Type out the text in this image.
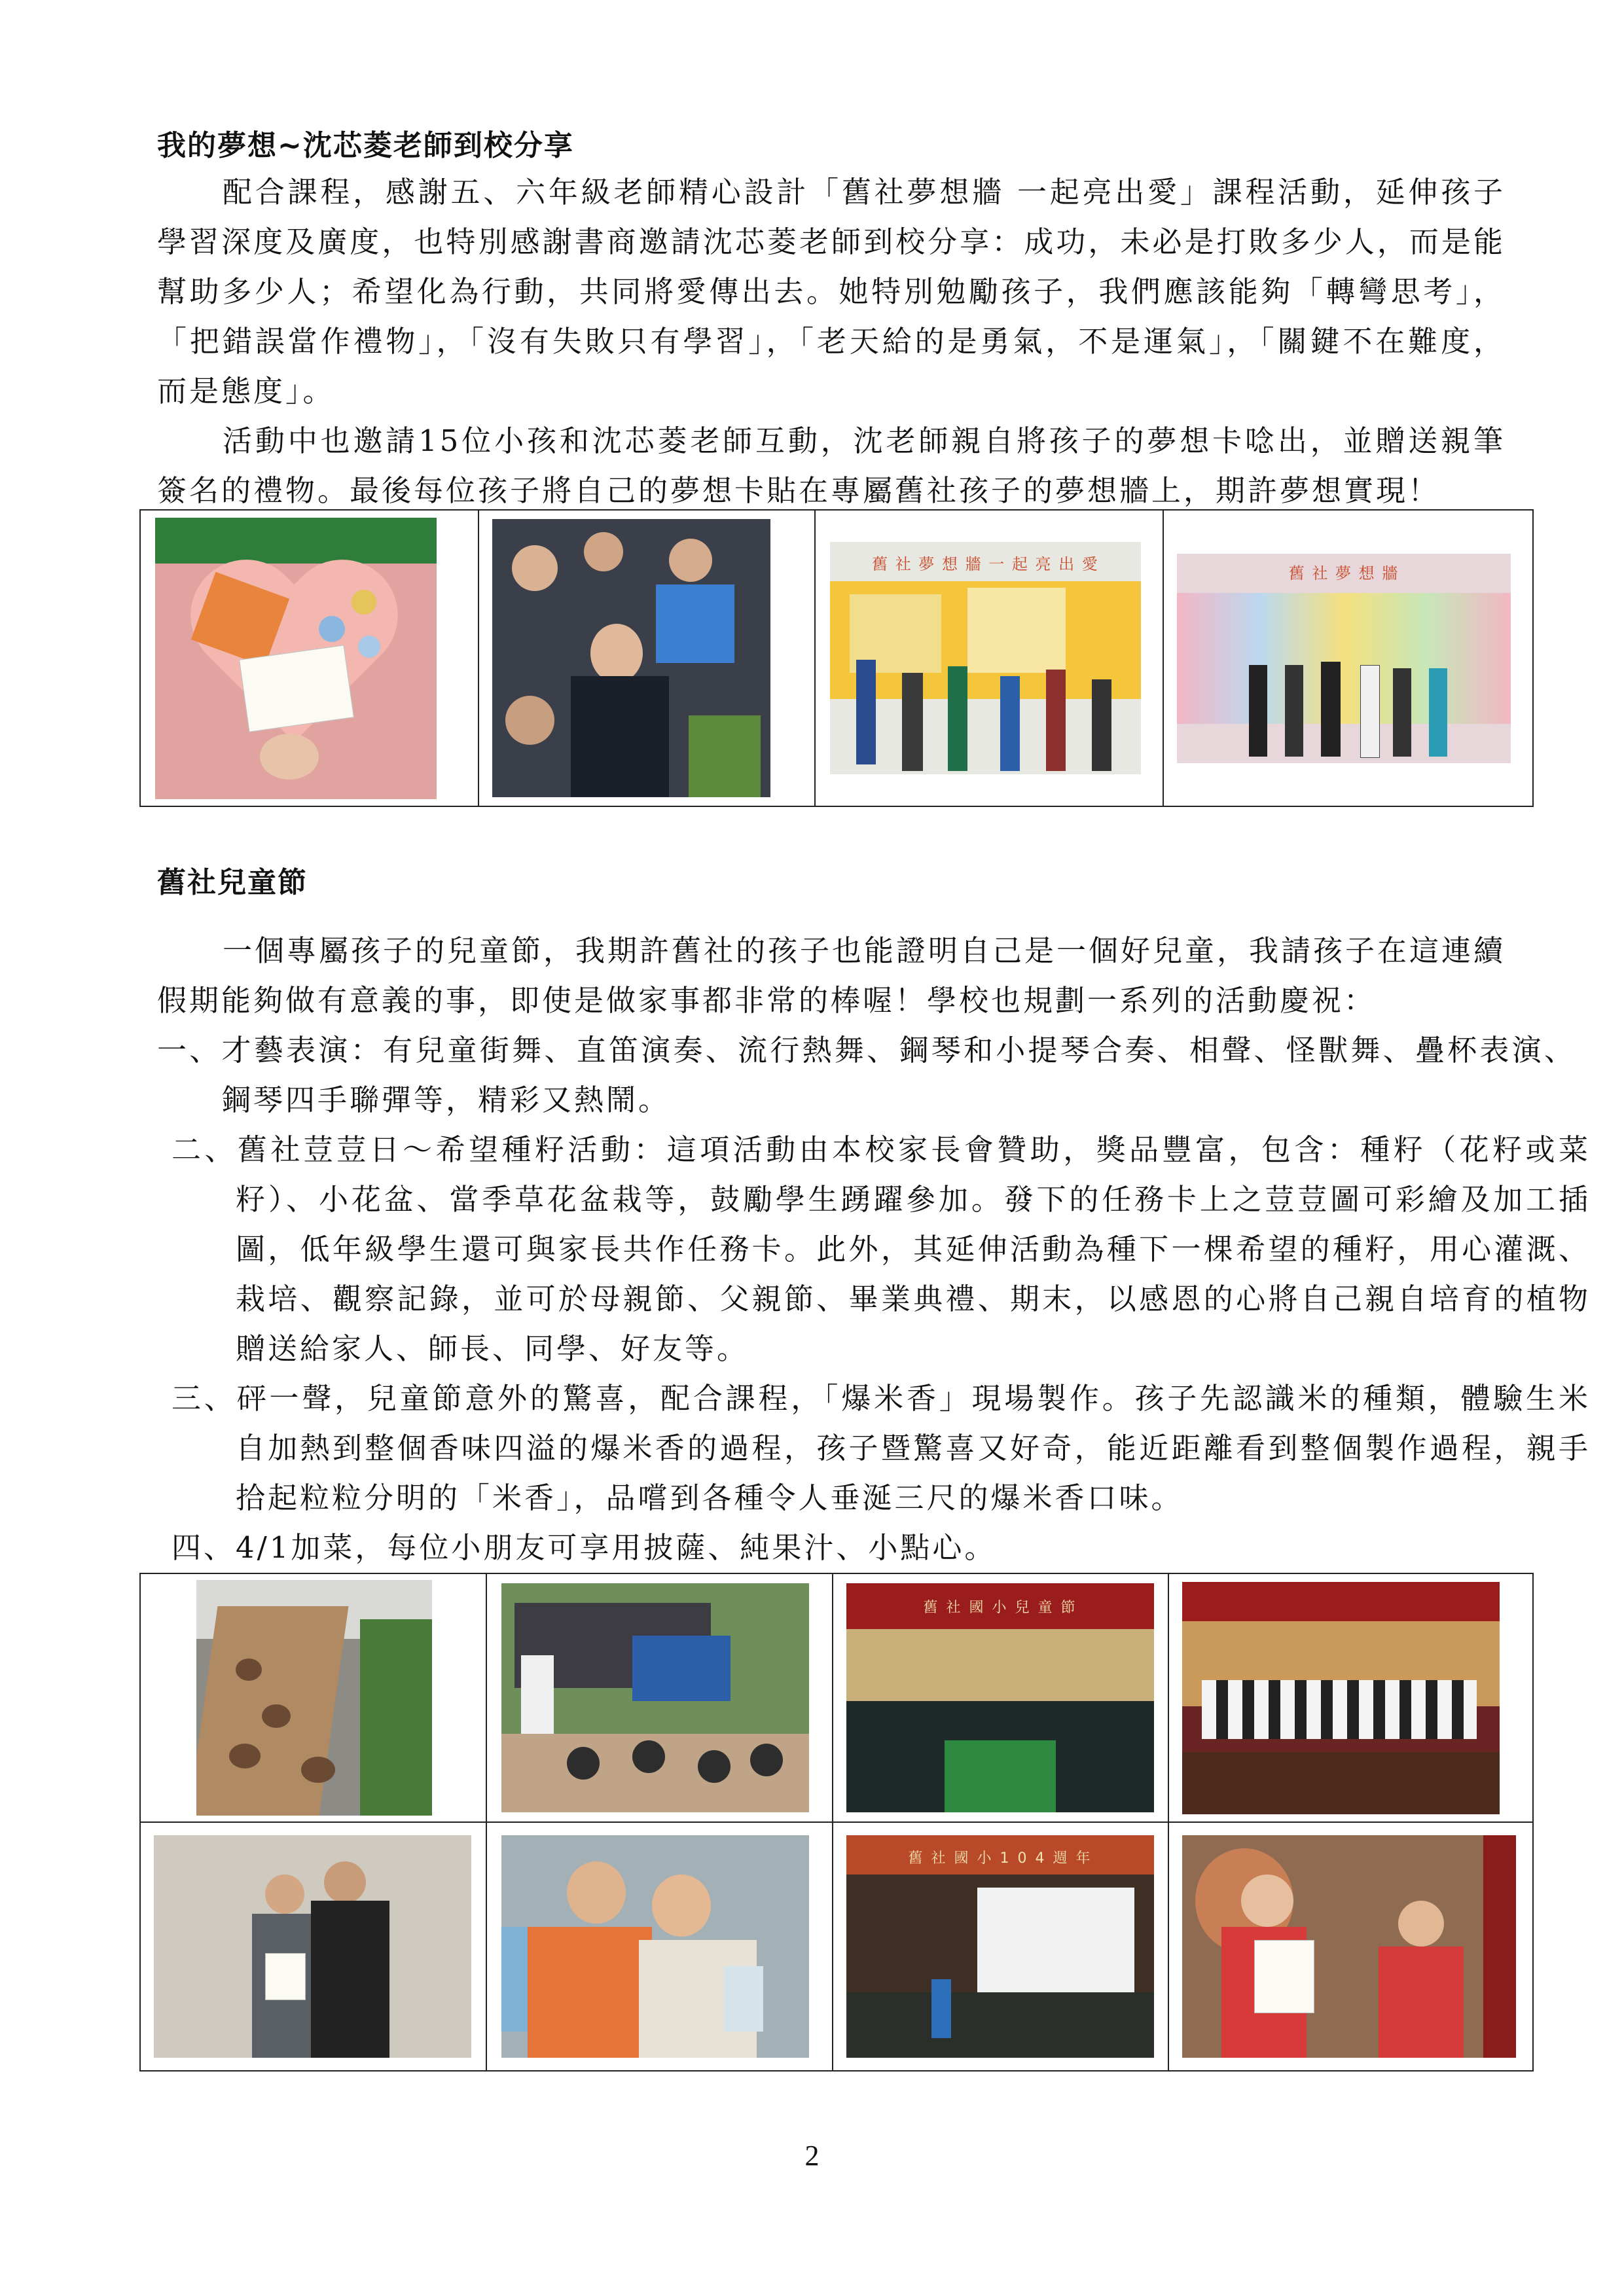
我的夢想~沈芯菱老師到校分享

配合課程，感謝五、六年級老師精心設計「舊社夢想牆 一起亮出愛」課程活動，延伸孩子學習深度及廣度，也特別感謝書商邀請沈芯菱老師到校分享：成功，未必是打敗多少人，而是能幫助多少人；希望化為行動，共同將愛傳出去。她特別勉勵孩子，我們應該能夠「轉彎思考」，「把錯誤當作禮物」，「沒有失敗只有學習」，「老天給的是勇氣，不是運氣」，「關鍵不在難度，而是態度」。

活動中也邀請15位小孩和沈芯菱老師互動，沈老師親自將孩子的夢想卡唸出，並贈送親筆簽名的禮物。最後每位孩子將自己的夢想卡貼在專屬舊社孩子的夢想牆上，期許夢想實現！

舊 社 夢 想 牆 一 起 亮 出 愛	舊 社 夢 想 牆
舊社兒童節

一個專屬孩子的兒童節，我期許舊社的孩子也能證明自己是一個好兒童，我請孩子在這連續假期能夠做有意義的事，即使是做家事都非常的棒喔！學校也規劃一系列的活動慶祝：

一、才藝表演：有兒童街舞、直笛演奏、流行熱舞、鋼琴和小提琴合奏、相聲、怪獸舞、疊杯表演、鋼琴四手聯彈等，精彩又熱鬧。

二、舊社荳荳日～希望種籽活動：這項活動由本校家長會贊助，獎品豐富，包含：種籽（花籽或菜籽）、小花盆、當季草花盆栽等，鼓勵學生踴躍參加。發下的任務卡上之荳荳圖可彩繪及加工插圖，低年級學生還可與家長共作任務卡。此外，其延伸活動為種下一棵希望的種籽，用心灌溉、栽培、觀察記錄，並可於母親節、父親節、畢業典禮、期末，以感恩的心將自己親自培育的植物贈送給家人、師長、同學、好友等。

三、砰一聲，兒童節意外的驚喜，配合課程，「爆米香」現場製作。孩子先認識米的種類，體驗生米自加熱到整個香味四溢的爆米香的過程，孩子暨驚喜又好奇，能近距離看到整個製作過程，親手拾起粒粒分明的「米香」，品嚐到各種令人垂涎三尺的爆米香口味。

四、4/1加菜，每位小朋友可享用披薩、純果汁、小點心。

		舊 社 國 小 兒 童 節	

		舊 社 國 小 1 0 4 週 年	

2
